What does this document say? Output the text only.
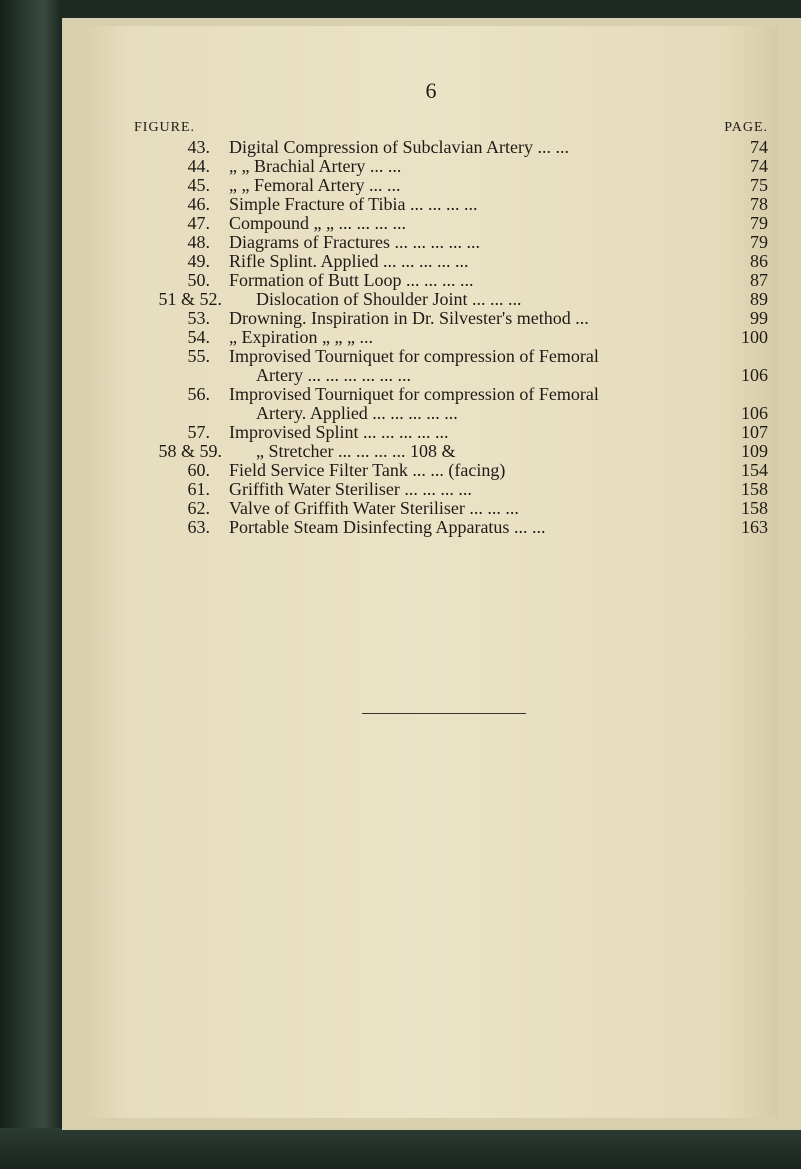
6
FIGURE.	PAGE.
43. Digital Compression of Subclavian Artery ... ...	74
44. „ „ Brachial Artery ... ...	74
45. „ „ Femoral Artery ... ...	75
46. Simple Fracture of Tibia ... ... ... ...	78
47. Compound „ „ ... ... ... ...	79
48. Diagrams of Fractures ... ... ... ... ...	79
49. Rifle Splint. Applied ... ... ... ... ...	86
50. Formation of Butt Loop ... ... ... ...	87
51 & 52. Dislocation of Shoulder Joint ... ... ...	89
53. Drowning. Inspiration in Dr. Silvester's method ...	99
54. „ Expiration „ „ „ ...	100
55. Improvised Tourniquet for compression of Femoral
Artery ... ... ... ... ... ...	106
56. Improvised Tourniquet for compression of Femoral
Artery. Applied ... ... ... ... ...	106
57. Improvised Splint ... ... ... ... ...	107
58 & 59. „ Stretcher ... ... ... ... 108 &	109
60. Field Service Filter Tank ... ... (facing)	154
61. Griffith Water Steriliser ... ... ... ...	158
62. Valve of Griffith Water Steriliser ... ... ...	158
63. Portable Steam Disinfecting Apparatus ... ...	163
